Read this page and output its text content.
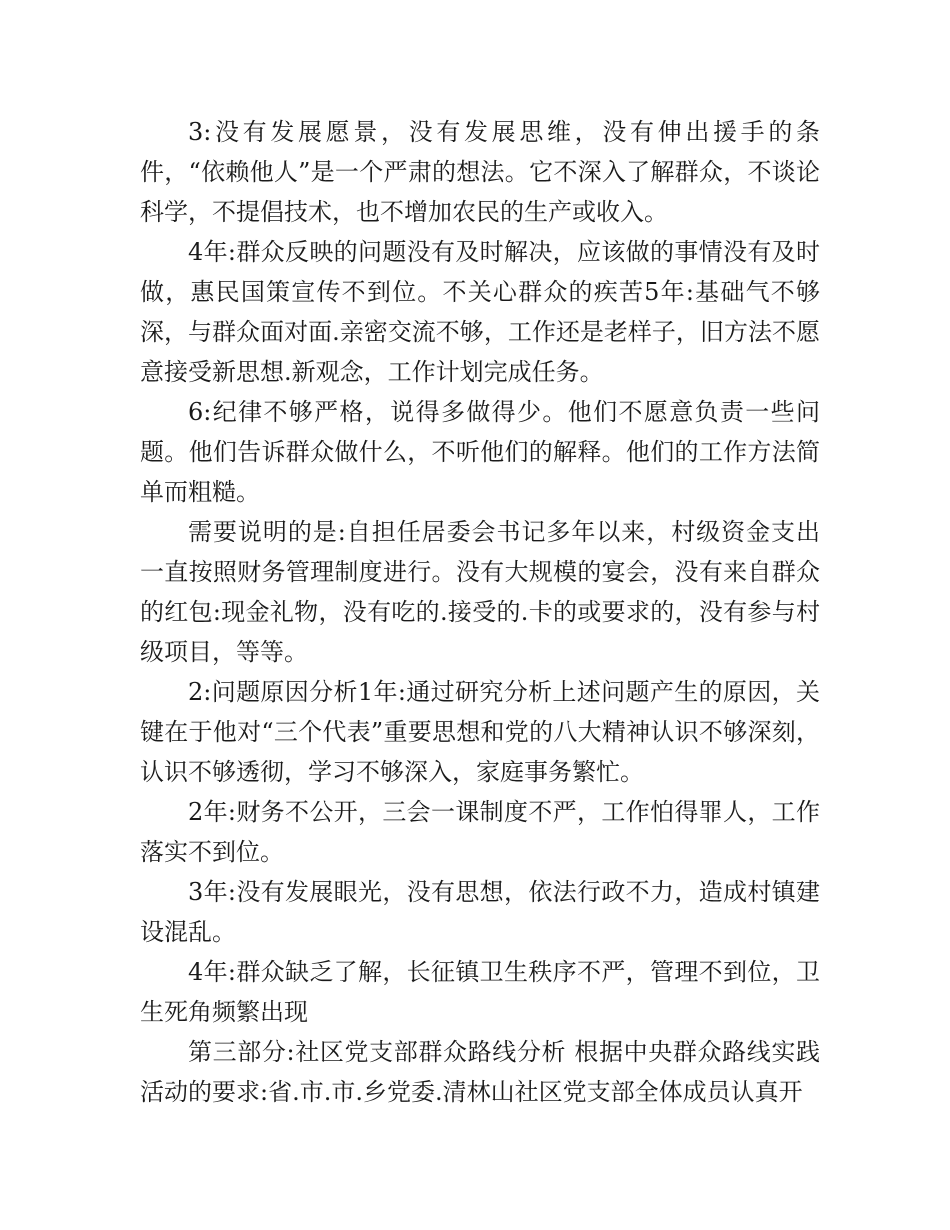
3:没有发展愿景，没有发展思维，没有伸出援手的条件，“依赖他人”是一个严肃的想法。它不深入了解群众，不谈论科学，不提倡技术，也不增加农民的生产或收入。

4年:群众反映的问题没有及时解决，应该做的事情没有及时做，惠民国策宣传不到位。不关心群众的疾苦5年:基础气不够深，与群众面对面.亲密交流不够，工作还是老样子，旧方法不愿意接受新思想.新观念，工作计划完成任务。

6:纪律不够严格，说得多做得少。他们不愿意负责一些问题。他们告诉群众做什么，不听他们的解释。他们的工作方法简单而粗糙。

需要说明的是:自担任居委会书记多年以来，村级资金支出一直按照财务管理制度进行。没有大规模的宴会，没有来自群众的红包:现金礼物，没有吃的.接受的.卡的或要求的，没有参与村级项目，等等。

2:问题原因分析1年:通过研究分析上述问题产生的原因，关键在于他对“三个代表”重要思想和党的八大精神认识不够深刻，认识不够透彻，学习不够深入，家庭事务繁忙。

2年:财务不公开，三会一课制度不严，工作怕得罪人，工作落实不到位。

3年:没有发展眼光，没有思想，依法行政不力，造成村镇建设混乱。

4年:群众缺乏了解，长征镇卫生秩序不严，管理不到位，卫生死角频繁出现

第三部分:社区党支部群众路线分析 根据中央群众路线实践活动的要求:省.市.市.乡党委.清林山社区党支部全体成员认真开
